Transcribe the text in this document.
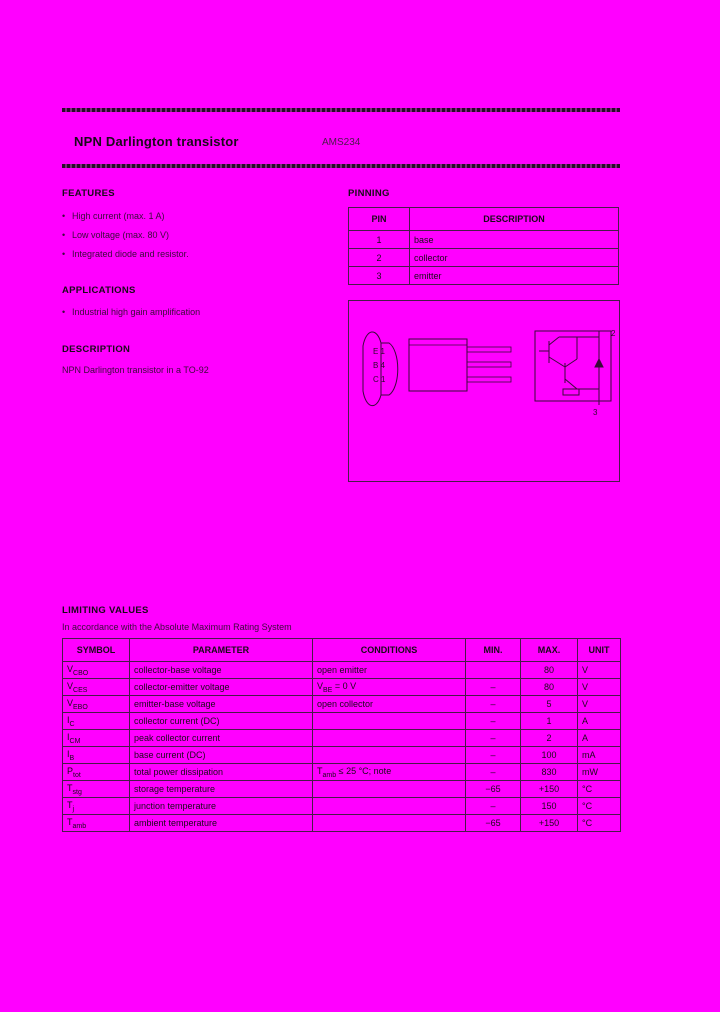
NPN Darlington transistor	AMS234
FEATURES
• High current (max. 1 A)
• Low voltage (max. 80 V)
• Integrated diode and resistor.
APPLICATIONS
• Industrial high gain amplification
DESCRIPTION
NPN Darlington transistor in a TO-92
PINNING
PIN	DESCRIPTION
1	base
2	collector
3	emitter
E 1
B 4
C 1
2
3
LIMITING VALUES
In accordance with the Absolute Maximum Rating System
SYMBOL	PARAMETER	CONDITIONS	MIN.	MAX.	UNIT
$V_{CBO}$	collector-base voltage	open emitter		80	V
$V_{CES}$	collector-emitter voltage	$V_{BE} = 0$ V	–	80	V
$V_{EBO}$	emitter-base voltage	open collector	–	5	V
$I_C$	collector current (DC)		–	1	A
$I_{CM}$	peak collector current		–	2	A
$I_B$	base current (DC)		–	100	mA
$P_{tot}$	total power dissipation	$T_{amb} \le 25$ °C; note	–	830	mW
$T_{stg}$	storage temperature		−65	+150	°C
$T_j$	junction temperature		–	150	°C
$T_{amb}$	ambient temperature		−65	+150	°C
